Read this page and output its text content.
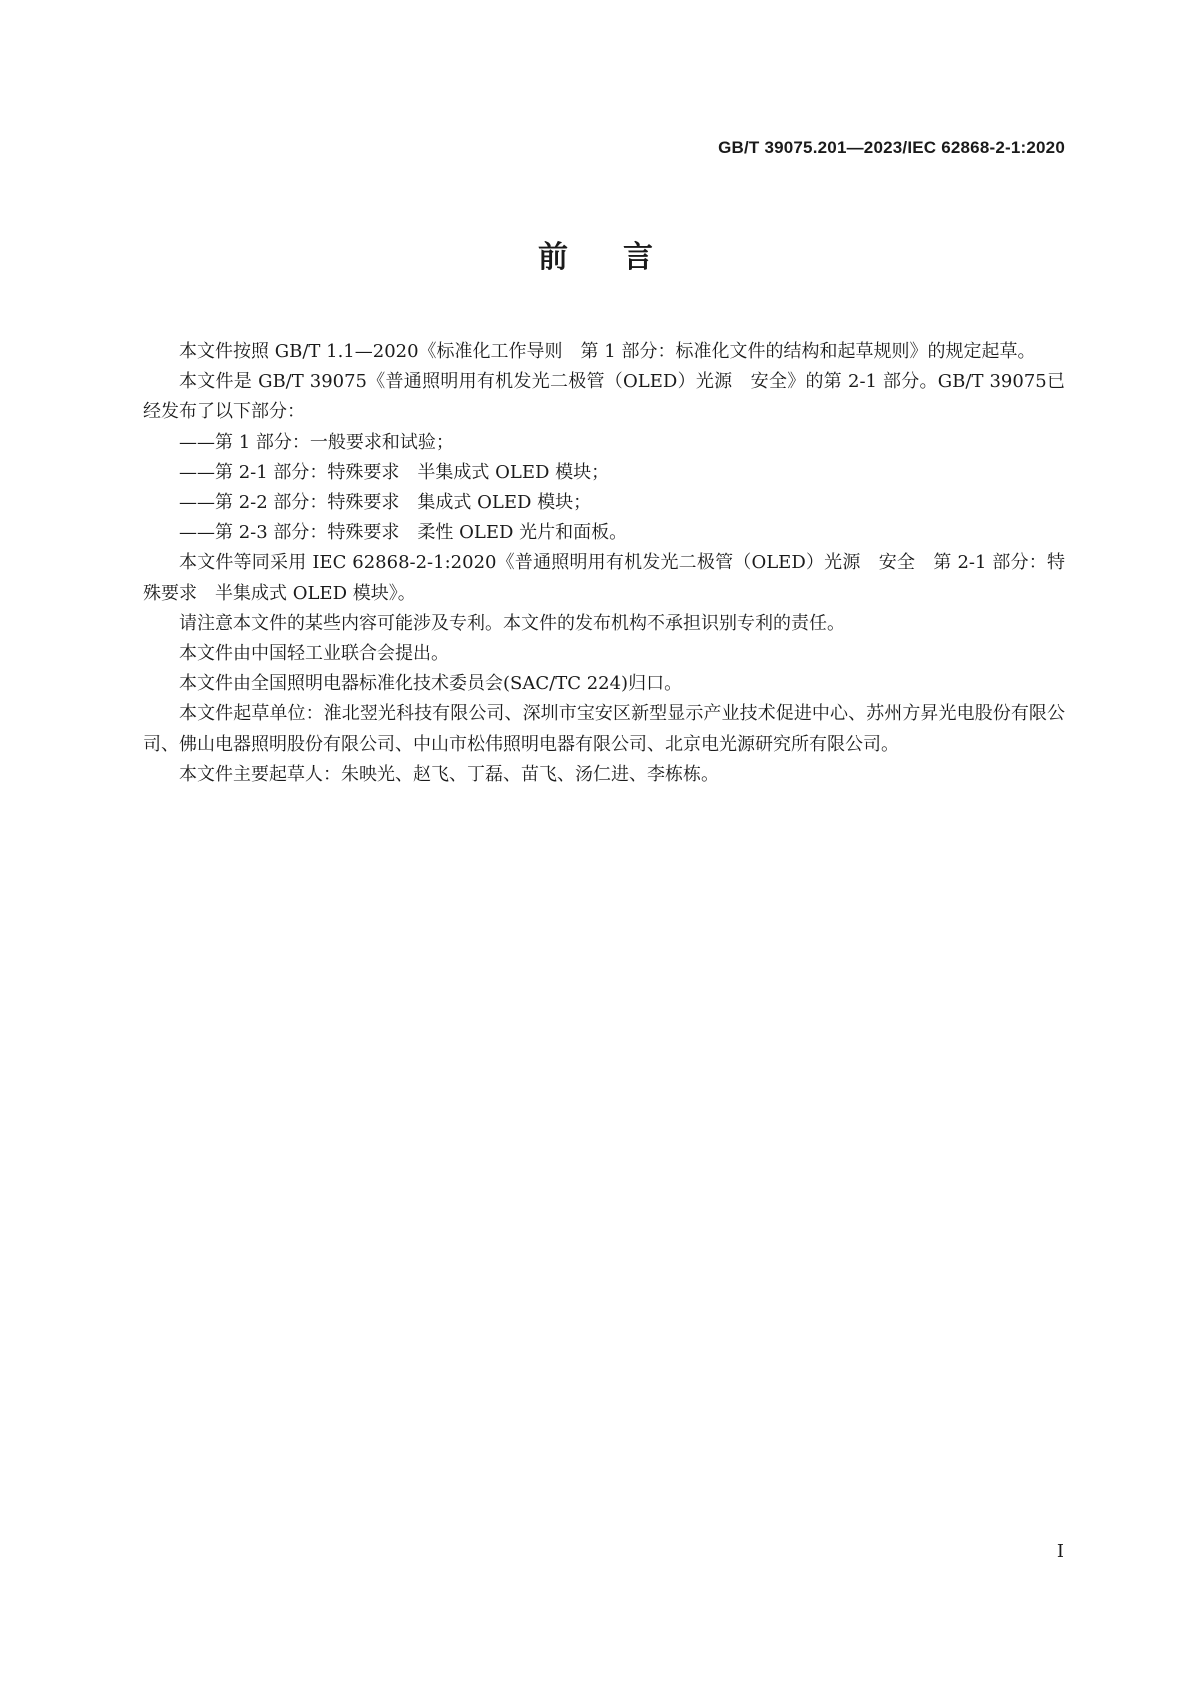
GB/T 39075.201—2023/IEC 62868-2-1:2020
前言

本文件按照 GB/T 1.1—2020《标准化工作导则　第 1 部分：标准化文件的结构和起草规则》的规定起草。

本文件是 GB/T 39075《普通照明用有机发光二极管（OLED）光源　安全》的第 2-1 部分。GB/T 39075已经发布了以下部分：

——第 1 部分：一般要求和试验；

——第 2-1 部分：特殊要求　半集成式 OLED 模块；

——第 2-2 部分：特殊要求　集成式 OLED 模块；

——第 2-3 部分：特殊要求　柔性 OLED 光片和面板。

本文件等同采用 IEC 62868-2-1:2020《普通照明用有机发光二极管（OLED）光源　安全　第 2-1 部分：特殊要求　半集成式 OLED 模块》。

请注意本文件的某些内容可能涉及专利。本文件的发布机构不承担识别专利的责任。

本文件由中国轻工业联合会提出。

本文件由全国照明电器标准化技术委员会(SAC/TC 224)归口。

本文件起草单位：淮北翌光科技有限公司、深圳市宝安区新型显示产业技术促进中心、苏州方昇光电股份有限公司、佛山电器照明股份有限公司、中山市松伟照明电器有限公司、北京电光源研究所有限公司。

本文件主要起草人：朱映光、赵飞、丁磊、苗飞、汤仁进、李栋栋。

I
